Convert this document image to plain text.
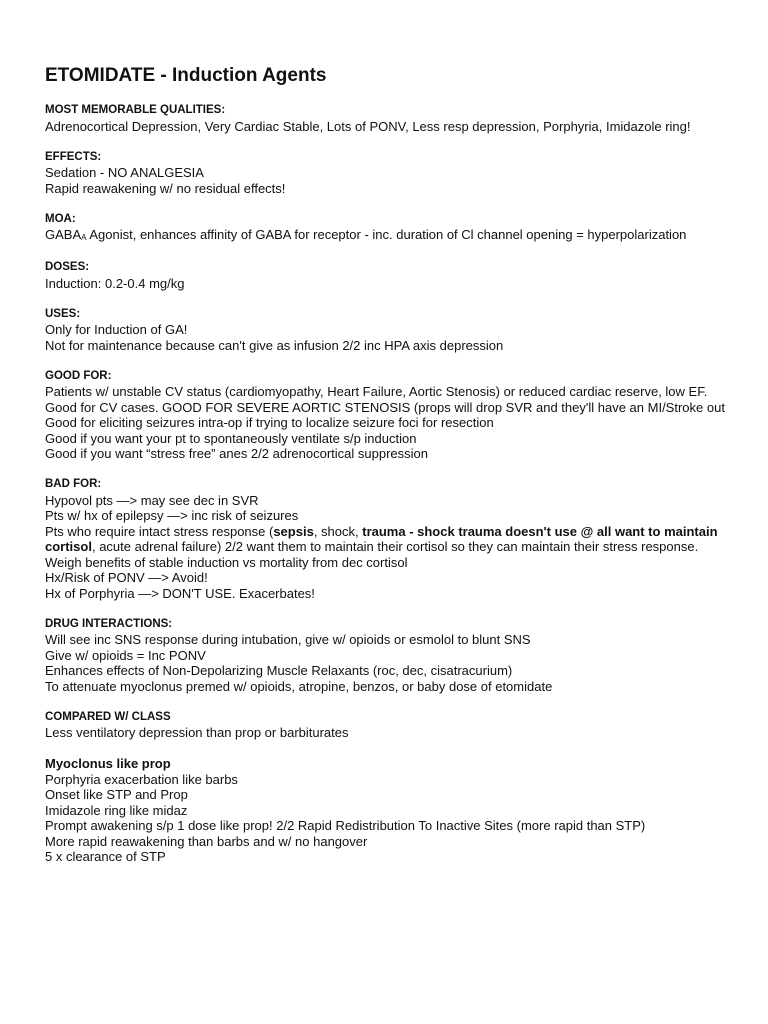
ETOMIDATE - Induction Agents

MOST MEMORABLE QUALITIES:

Adrenocortical Depression, Very Cardiac Stable, Lots of PONV, Less resp depression, Porphyria, Imidazole ring!

EFFECTS:

Sedation - NO ANALGESIA

Rapid reawakening w/ no residual effects!

MOA:

GABAA Agonist, enhances affinity of GABA for receptor - inc. duration of Cl channel opening = hyperpolarization

DOSES:

Induction: 0.2-0.4 mg/kg

USES:

Only for Induction of GA!

Not for maintenance because can't give as infusion 2/2 inc HPA axis depression

GOOD FOR:

Patients w/ unstable CV status (cardiomyopathy, Heart Failure, Aortic Stenosis) or reduced cardiac reserve, low EF. Good for CV cases. GOOD FOR SEVERE AORTIC STENOSIS (props will drop SVR and they'll have an MI/Stroke out

Good for eliciting seizures intra-op if trying to localize seizure foci for resection

Good if you want your pt to spontaneously ventilate s/p induction

Good if you want “stress free” anes 2/2 adrenocortical suppression

BAD FOR:

Hypovol pts —> may see dec in SVR

Pts w/ hx of epilepsy —> inc risk of seizures

Pts who require intact stress response (sepsis, shock, trauma - shock trauma doesn't use @ all want to maintain cortisol, acute adrenal failure) 2/2 want them to maintain their cortisol so they can maintain their stress response. Weigh benefits of stable induction vs mortality from dec cortisol

Hx/Risk of PONV —> Avoid!

Hx of Porphyria —> DON'T USE. Exacerbates!

DRUG INTERACTIONS:

Will see inc SNS response during intubation, give w/ opioids or esmolol to blunt SNS

Give w/ opioids = Inc PONV

Enhances effects of Non-Depolarizing Muscle Relaxants (roc, dec, cisatracurium)

To attenuate myoclonus premed w/ opioids, atropine, benzos, or baby dose of etomidate

COMPARED W/ CLASS

Less ventilatory depression than prop or barbiturates

Myoclonus like prop

Porphyria exacerbation like barbs

Onset like STP and Prop

Imidazole ring like midaz

Prompt awakening s/p 1 dose like prop! 2/2 Rapid Redistribution To Inactive Sites (more rapid than STP)

More rapid reawakening than barbs and w/ no hangover

5 x clearance of STP
